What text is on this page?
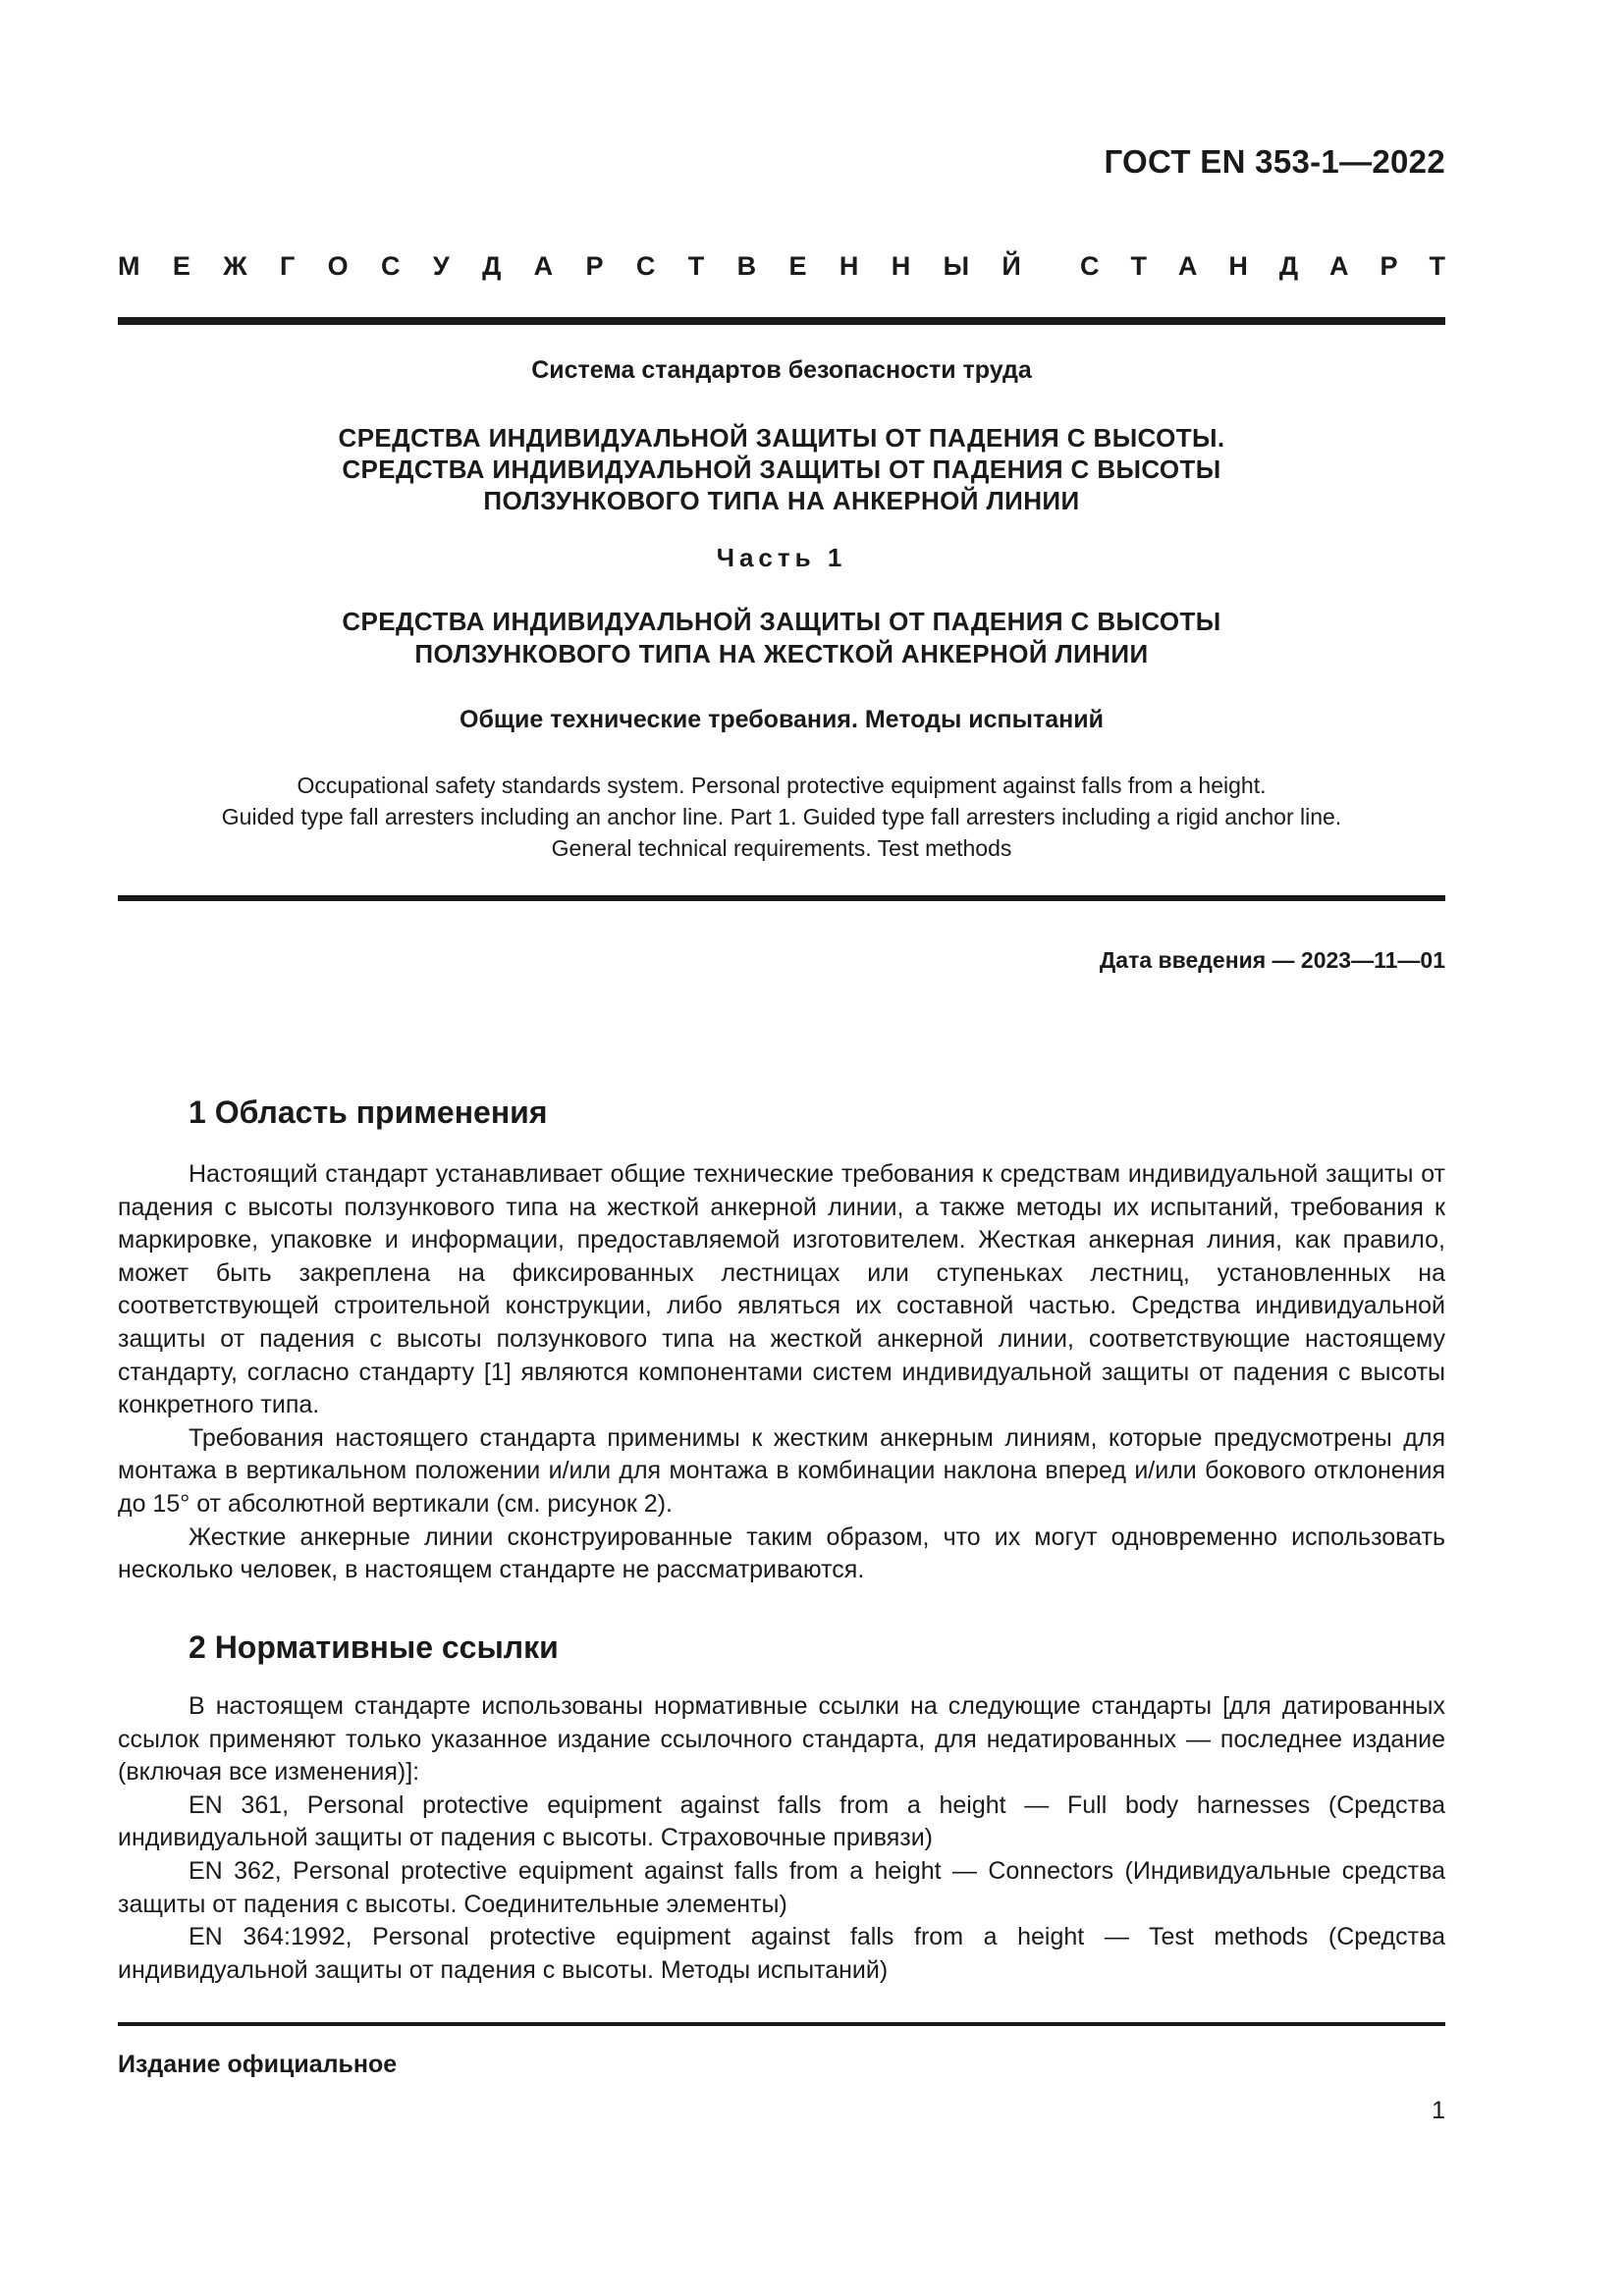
ГОСТ EN 353-1—2022
М Е Ж Г О С У Д А Р С Т В Е Н Н Ы Й С Т А Н Д А Р Т
Система стандартов безопасности труда
СРЕДСТВА ИНДИВИДУАЛЬНОЙ ЗАЩИТЫ ОТ ПАДЕНИЯ С ВЫСОТЫ.
СРЕДСТВА ИНДИВИДУАЛЬНОЙ ЗАЩИТЫ ОТ ПАДЕНИЯ С ВЫСОТЫ
ПОЛЗУНКОВОГО ТИПА НА АНКЕРНОЙ ЛИНИИ
Часть 1
СРЕДСТВА ИНДИВИДУАЛЬНОЙ ЗАЩИТЫ ОТ ПАДЕНИЯ С ВЫСОТЫ
ПОЛЗУНКОВОГО ТИПА НА ЖЕСТКОЙ АНКЕРНОЙ ЛИНИИ
Общие технические требования. Методы испытаний
Occupational safety standards system. Personal protective equipment against falls from a height.
Guided type fall arresters including an anchor line. Part 1. Guided type fall arresters including a rigid anchor line.
General technical requirements. Test methods
Дата введения — 2023—11—01
1 Область применения

Настоящий стандарт устанавливает общие технические требования к средствам индивидуальной защиты от падения с высоты ползункового типа на жесткой анкерной линии, а также методы их испытаний, требования к маркировке, упаковке и информации, предоставляемой изготовителем. Жесткая анкерная линия, как правило, может быть закреплена на фиксированных лестницах или ступеньках лестниц, установленных на соответствующей строительной конструкции, либо являться их составной частью. Средства индивидуальной защиты от падения с высоты ползункового типа на жесткой анкерной линии, соответствующие настоящему стандарту, согласно стандарту [1] являются компонентами систем индивидуальной защиты от падения с высоты конкретного типа.

Требования настоящего стандарта применимы к жестким анкерным линиям, которые предусмотрены для монтажа в вертикальном положении и/или для монтажа в комбинации наклона вперед и/или бокового отклонения до 15° от абсолютной вертикали (см. рисунок 2).

Жесткие анкерные линии сконструированные таким образом, что их могут одновременно использовать несколько человек, в настоящем стандарте не рассматриваются.

2 Нормативные ссылки

В настоящем стандарте использованы нормативные ссылки на следующие стандарты [для датированных ссылок применяют только указанное издание ссылочного стандарта, для недатированных — последнее издание (включая все изменения)]:

EN 361, Personal protective equipment against falls from a height — Full body harnesses (Средства индивидуальной защиты от падения с высоты. Страховочные привязи)

EN 362, Personal protective equipment against falls from a height — Connectors (Индивидуальные средства защиты от падения с высоты. Соединительные элементы)

EN 364:1992, Personal protective equipment against falls from a height — Test methods (Средства индивидуальной защиты от падения с высоты. Методы испытаний)

Издание официальное
1
